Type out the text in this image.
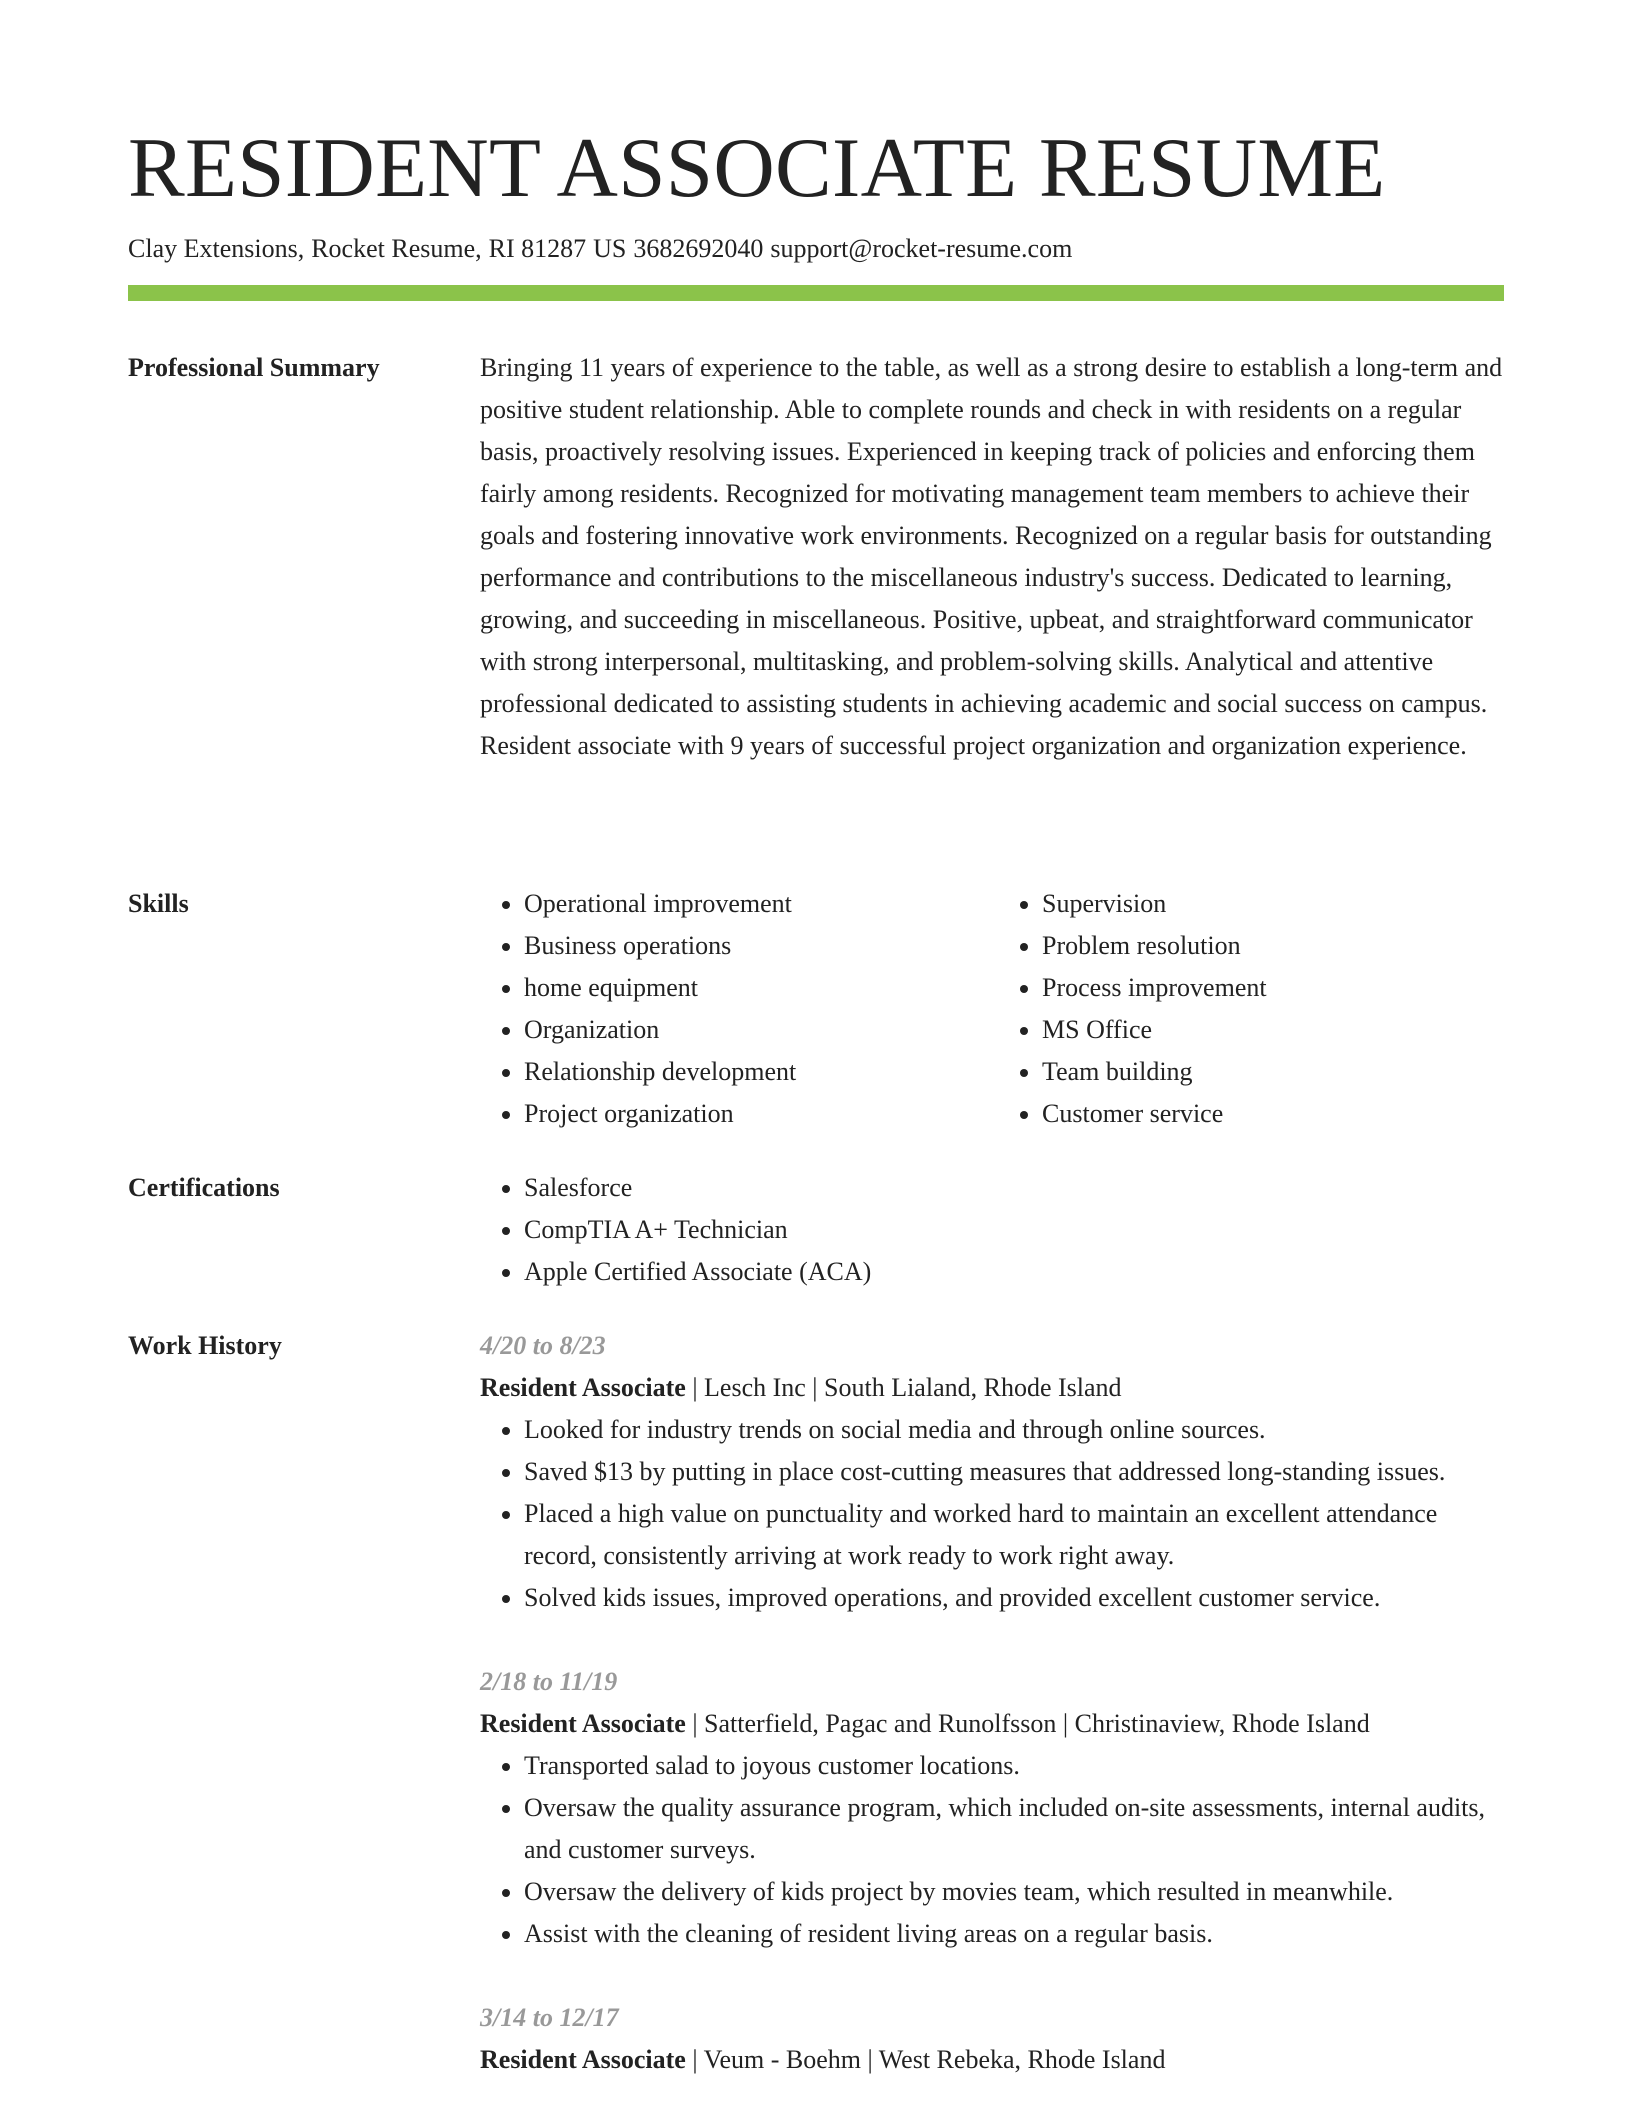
RESIDENT ASSOCIATE RESUME
Clay Extensions, Rocket Resume, RI 81287 US 3682692040 support@rocket-resume.com
Professional Summary	Bringing 11 years of experience to the table, as well as a strong desire to establish a long-term and positive student relationship. Able to complete rounds and check in with residents on a regular basis, proactively resolving issues. Experienced in keeping track of policies and enforcing them fairly among residents. Recognized for motivating management team members to achieve their goals and fostering innovative work environments. Recognized on a regular basis for outstanding performance and contributions to the miscellaneous industry's success. Dedicated to learning, growing, and succeeding in miscellaneous. Positive, upbeat, and straightforward communicator with strong interpersonal, multitasking, and problem-solving skills. Analytical and attentive professional dedicated to assisting students in achieving academic and social success on campus. Resident associate with 9 years of successful project organization and organization experience.

Skills	• Operational improvement
• Business operations
• home equipment
• Organization
• Relationship development
• Project organization
• Supervision
• Problem resolution
• Process improvement
• MS Office
• Team building
• Customer service
Certifications	• Salesforce
• CompTIA A+ Technician
• Apple Certified Associate (ACA)
Work History	4/20 to 8/23
Resident Associate | Lesch Inc | South Lialand, Rhode Island
• Looked for industry trends on social media and through online sources.
• Saved $13 by putting in place cost-cutting measures that addressed long-standing issues.
• Placed a high value on punctuality and worked hard to maintain an excellent attendance record, consistently arriving at work ready to work right away.
• Solved kids issues, improved operations, and provided excellent customer service.
2/18 to 11/19
Resident Associate | Satterfield, Pagac and Runolfsson | Christinaview, Rhode Island
• Transported salad to joyous customer locations.
• Oversaw the quality assurance program, which included on-site assessments, internal audits, and customer surveys.
• Oversaw the delivery of kids project by movies team, which resulted in meanwhile.
• Assist with the cleaning of resident living areas on a regular basis.
3/14 to 12/17
Resident Associate | Veum - Boehm | West Rebeka, Rhode Island
